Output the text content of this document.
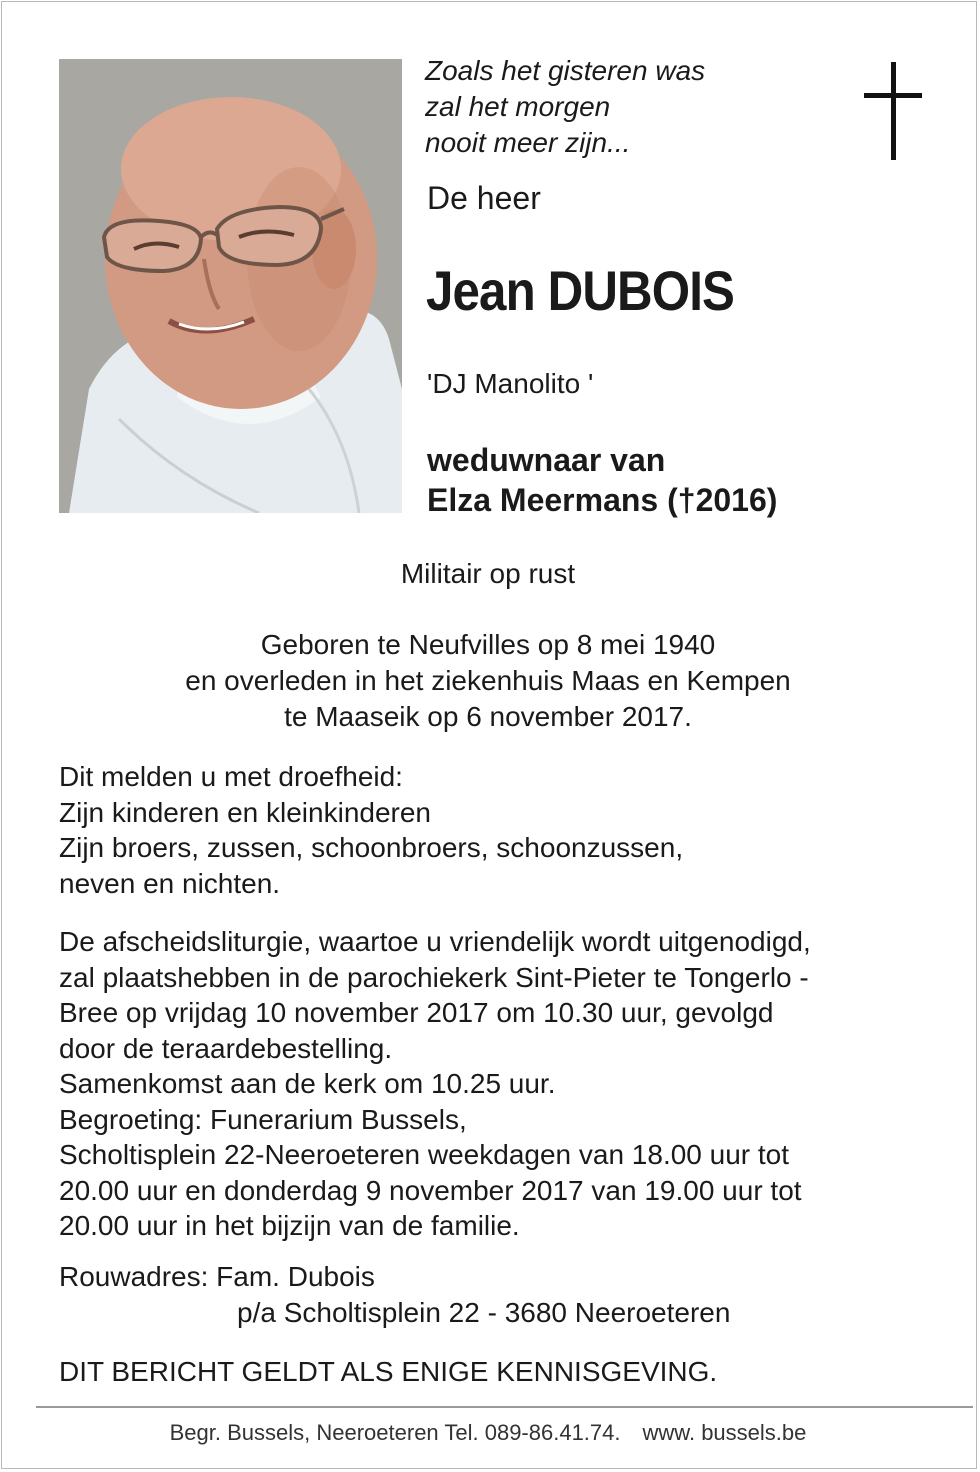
Zoals het gisteren was
zal het morgen
nooit meer zijn...
De heer
Jean DUBOIS
'DJ Manolito '
weduwnaar van
Elza Meermans (†2016)
Militair op rust
Geboren te Neufvilles op 8 mei 1940
en overleden in het ziekenhuis Maas en Kempen
te Maaseik op 6 november 2017.
Dit melden u met droefheid:
Zijn kinderen en kleinkinderen
Zijn broers, zussen, schoonbroers, schoonzussen,
neven en nichten.
De afscheidsliturgie, waartoe u vriendelijk wordt uitgenodigd,
zal plaatshebben in de parochiekerk Sint-Pieter te Tongerlo -
Bree op vrijdag 10 november 2017 om 10.30 uur, gevolgd
door de teraardebestelling.
Samenkomst aan de kerk om 10.25 uur.
Begroeting: Funerarium Bussels,
Scholtisplein 22-Neeroeteren weekdagen van 18.00 uur tot
20.00 uur en donderdag 9 november 2017 van 19.00 uur tot
20.00 uur in het bijzijn van de familie.
Rouwadres: Fam. Dubois
p/a Scholtisplein 22 - 3680 Neeroeteren
DIT BERICHT GELDT ALS ENIGE KENNISGEVING.
Begr. Bussels, Neeroeteren Tel. 089-86.41.74. www. bussels.be
